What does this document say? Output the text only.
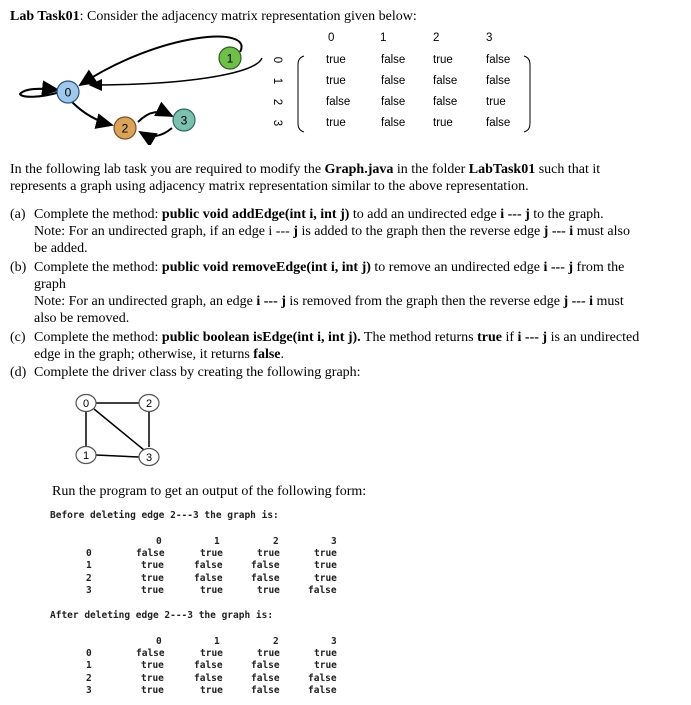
Lab Task01: Consider the adjacency matrix representation given below:
0
1
2
3
0	1	2	3
0
1
2
3
true	false true	false
true	false false false
false	false false true
true	false true	false
In the following lab task you are required to modify the Graph.java in the folder LabTask01 such that it
represents a graph using adjacency matrix representation similar to the above representation.
(a) Complete the method: public void addEdge(int i, int j) to add an undirected edge i --- j to the graph.
Note: For an undirected graph, if an edge i --- j is added to the graph then the reverse edge j --- i must also
be added.
(b) Complete the method: public void removeEdge(int i, int j) to remove an undirected edge i --- j from the
graph
Note: For an undirected graph, an edge i --- j is removed from the graph then the reverse edge j --- i must
also be removed.
(c) Complete the method: public boolean isEdge(int i, int j). The method returns true if i --- j is an undirected
edge in the graph; otherwise, it returns false.
(d) Complete the driver class by creating the following graph:
0	2
1	3
Run the program to get an output of the following form:
Before deleting edge 2---3 the graph is:
0	1	2	3
0
1
2
3
false	true	true	true
true	false	false	true
true	false	false	true
true	true	true	false
After deleting edge 2---3 the graph is:
0	1	2	3
0
1
2
3
false	true	true	true
true	false	false	true
true	false	false	false
true	true	false	false
